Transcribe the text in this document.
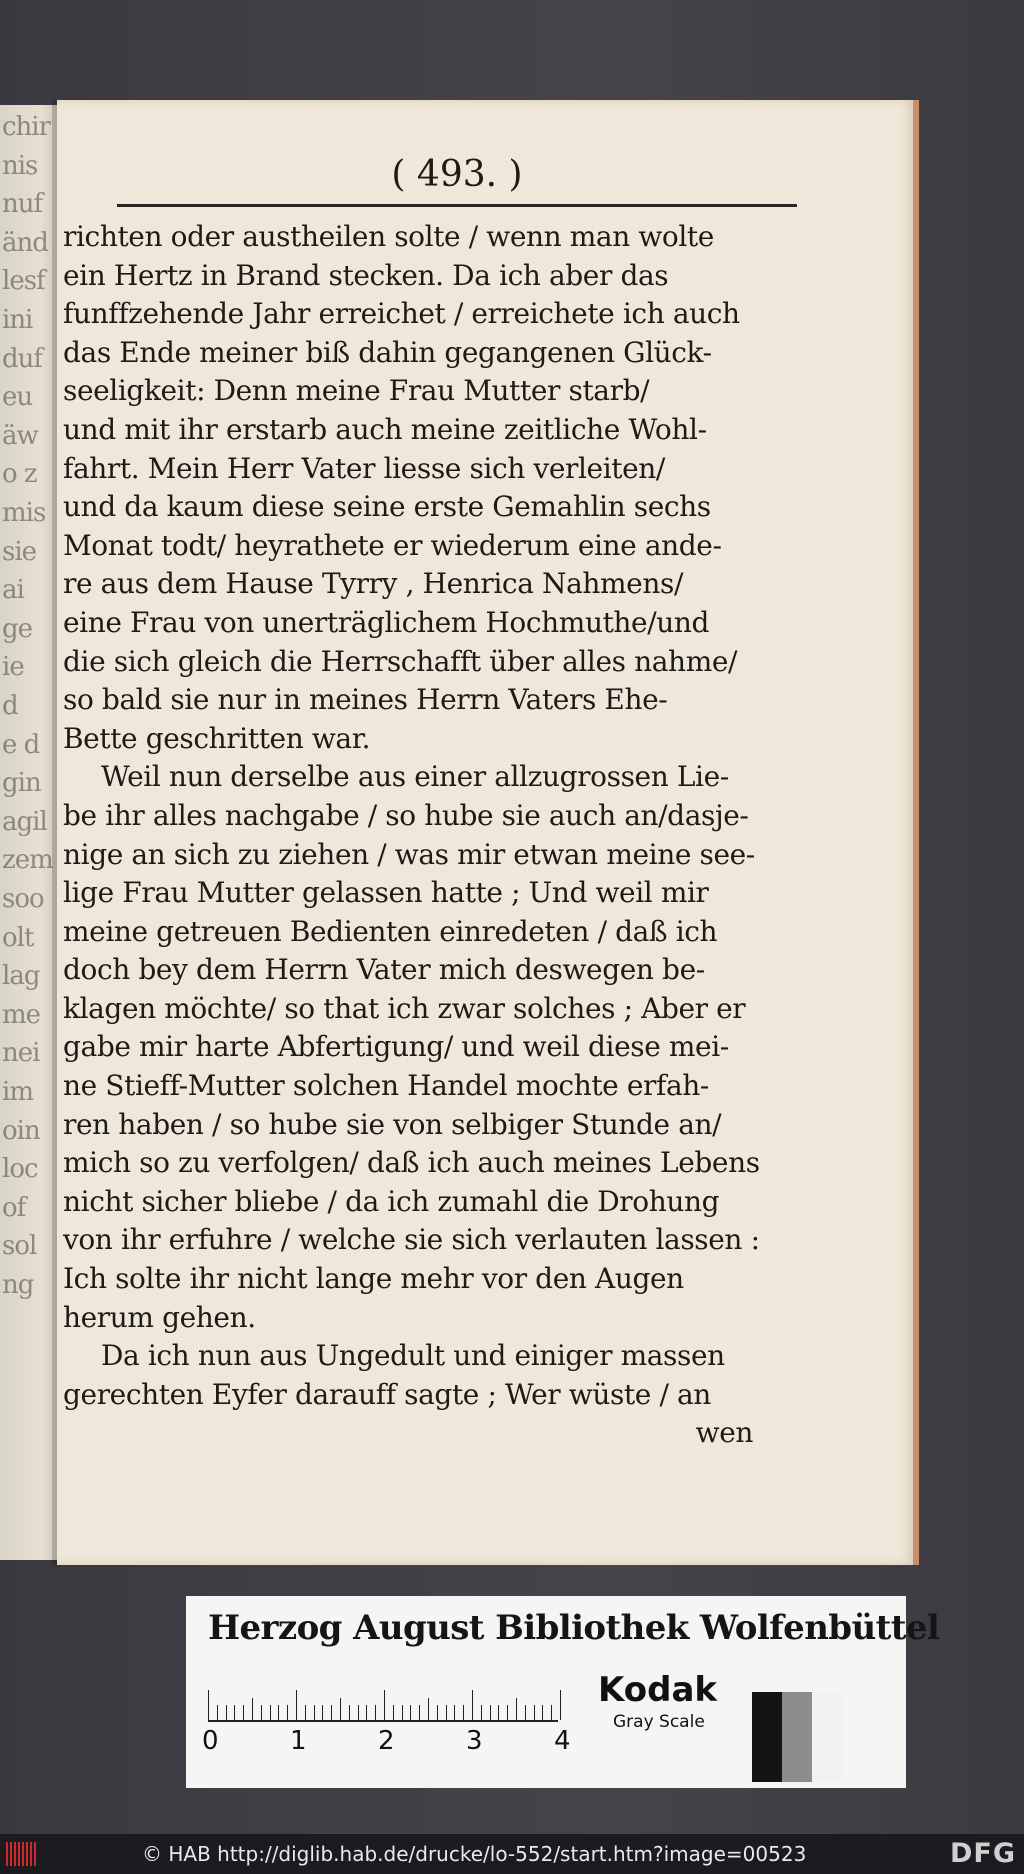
chir
nis
nuf
änd
lesf
ini
duf
eu
äw
o z
mis
sie
ai
ge
ie
d
e d
gin
agil
zem
soo
olt
lag
me
nei
im
oin
loc
of
sol
ng
( 493. )
richten oder austheilen solte / wenn man wolte
ein Hertz in Brand stecken. Da ich aber das
funffzehende Jahr erreichet / erreichete ich auch
das Ende meiner biß dahin gegangenen Glück-
seeligkeit: Denn meine Frau Mutter starb/
und mit ihr erstarb auch meine zeitliche Wohl-
fahrt. Mein Herr Vater liesse sich verleiten/
und da kaum diese seine erste Gemahlin sechs
Monat todt/ heyrathete er wiederum eine ande-
re aus dem Hause Tyrry , Henrica Nahmens/
eine Frau von unerträglichem Hochmuthe/und
die sich gleich die Herrschafft über alles nahme/
so bald sie nur in meines Herrn Vaters Ehe-
Bette geschritten war.
Weil nun derselbe aus einer allzugrossen Lie-
be ihr alles nachgabe / so hube sie auch an/dasje-
nige an sich zu ziehen / was mir etwan meine see-
lige Frau Mutter gelassen hatte ; Und weil mir
meine getreuen Bedienten einredeten / daß ich
doch bey dem Herrn Vater mich deswegen be-
klagen möchte/ so that ich zwar solches ; Aber er
gabe mir harte Abfertigung/ und weil diese mei-
ne Stieff-Mutter solchen Handel mochte erfah-
ren haben / so hube sie von selbiger Stunde an/
mich so zu verfolgen/ daß ich auch meines Lebens
nicht sicher bliebe / da ich zumahl die Drohung
von ihr erfuhre / welche sie sich verlauten lassen :
Ich solte ihr nicht lange mehr vor den Augen
herum gehen.
Da ich nun aus Ungedult und einiger massen
gerechten Eyfer darauff sagte ; Wer wüste / an
wen
Herzog August Bibliothek Wolfenbüttel
0	1	2	3	4
Kodak
Gray Scale
© HAB http://diglib.hab.de/drucke/lo-552/start.htm?image=00523	DFG
